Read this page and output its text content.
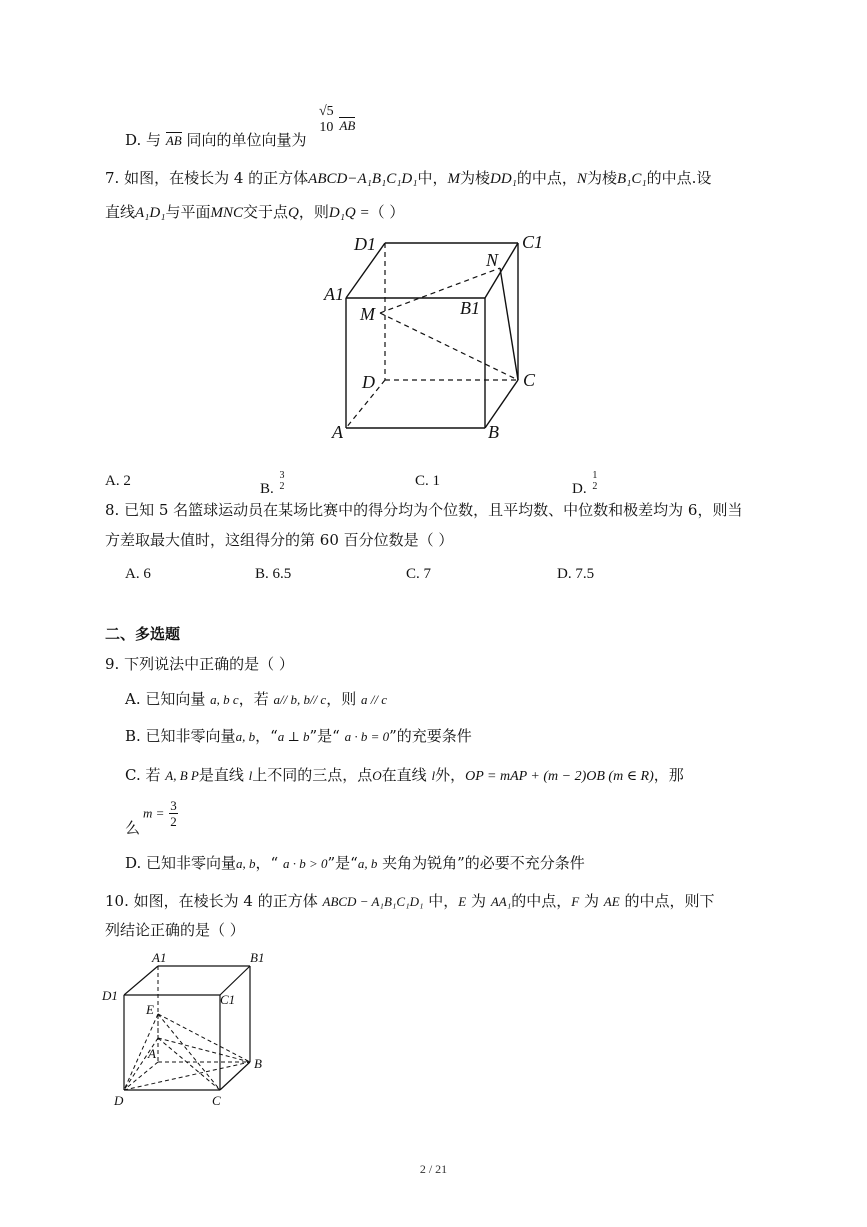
D. 与 AB 同向的单位向量为
√5
10 AB
7. 如图，在棱长为 4 的正方体ABCD−A₁B₁C₁D₁中，M为棱DD₁的中点，N为棱B₁C₁的中点.设
直线A₁D₁与平面MNC交于点Q，则D₁Q =（ ）
D1	C1
N
A1
M	B1
D	C
A	B
A. 2	B.
3
2	C. 1	D.
1
2
8. 已知 5 名篮球运动员在某场比赛中的得分均为个位数，且平均数、中位数和极差均为 6，则当
方差取最大值时，这组得分的第 60 百分位数是（ ）
A. 6	B. 6.5	C. 7	D. 7.5
二、多选题
9. 下列说法中正确的是（ ）
A. 已知向量 a, b c，若 a// b, b// c，则 a // c
B. 已知非零向量a, b，“a ⊥ b”是“ a · b = 0”的充要条件
C. 若 A, B P是直线 l上不同的三点，点O在直线 l外，OP = mAP + (m − 2)OB (m ∈ R)，那
么
$m = \frac{3}{2}$
D. 已知非零向量a, b，“ a · b > 0”是“a, b 夹角为锐角”的必要不充分条件
10. 如图，在棱长为 4 的正方体 ABCD − A₁B₁C₁D₁ 中，E 为 AA₁的中点，F 为 AE 的中点，则下
列结论正确的是（ ）
A1	B1
D1	C1
E
A
B
D	C
2 / 21
